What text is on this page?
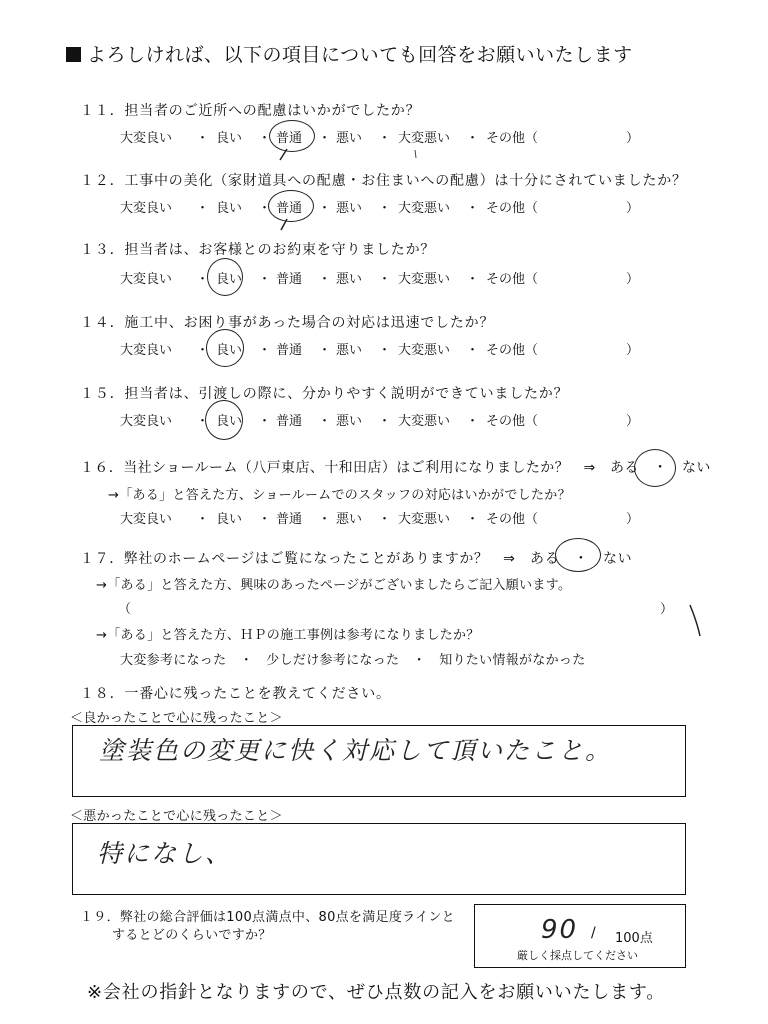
よろしければ、以下の項目についても回答をお願いいたします
１１．担当者のご近所への配慮はいかがでしたか？
大変良い ・ 良い ・ 普通 ・ 悪い ・ 大変悪い ・ その他（	）
１２．工事中の美化（家財道具への配慮・お住まいへの配慮）は十分にされていましたか？
大変良い ・ 良い ・ 普通 ・ 悪い ・ 大変悪い ・ その他（	）
１３．担当者は、お客様とのお約束を守りましたか？
大変良い ・ 良い ・ 普通 ・ 悪い ・ 大変悪い ・ その他（	）
１４．施工中、お困り事があった場合の対応は迅速でしたか？
大変良い ・ 良い ・ 普通 ・ 悪い ・ 大変悪い ・ その他（	）
１５．担当者は、引渡しの際に、分かりやすく説明ができていましたか？
大変良い ・ 良い ・ 普通 ・ 悪い ・ 大変悪い ・ その他（	）
１６．当社ショールーム（八戸東店、十和田店）はご利用になりましたか？　⇒　ある　・　ない
→「ある」と答えた方、ショールームでのスタッフの対応はいかがでしたか？
大変良い ・ 良い ・ 普通 ・ 悪い ・ 大変悪い ・ その他（	）
１７．弊社のホームページはご覧になったことがありますか？　⇒　ある　・　ない
→「ある」と答えた方、興味のあったページがございましたらご記入願います。
（	）
→「ある」と答えた方、ＨＰの施工事例は参考になりましたか？
大変参考になった　・　少しだけ参考になった　・　知りたい情報がなかった
１８．一番心に残ったことを教えてください。
＜良かったことで心に残ったこと＞
塗装色の変更に快く対応して頂いたこと。
＜悪かったことで心に残ったこと＞
特になし、
１９．弊社の総合評価は100点満点中、80点を満足度ラインと
するとどのくらいですか？	90 / 100点
厳しく採点してください
※会社の指針となりますので、ぜひ点数の記入をお願いいたします。
